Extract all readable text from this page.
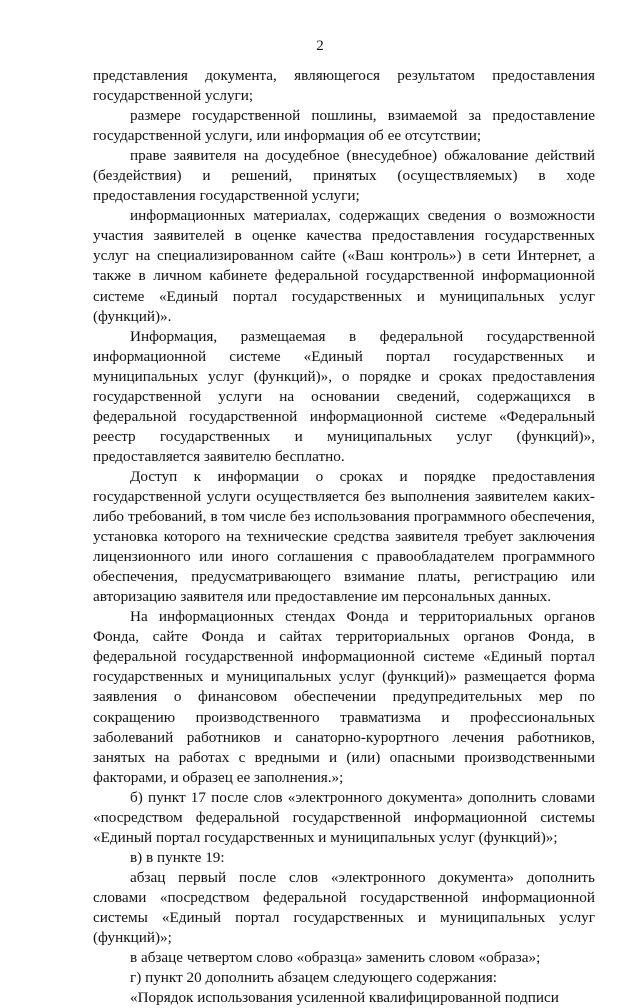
2

представления документа, являющегося результатом предоставления государственной услуги;

размере государственной пошлины, взимаемой за предоставление государственной услуги, или информация об ее отсутствии;

праве заявителя на досудебное (внесудебное) обжалование действий (бездействия) и решений, принятых (осуществляемых) в ходе предоставления государственной услуги;

информационных материалах, содержащих сведения о возможности участия заявителей в оценке качества предоставления государственных услуг на специализированном сайте («Ваш контроль») в сети Интернет, а также в личном кабинете федеральной государственной информационной системе «Единый портал государственных и муниципальных услуг (функций)».

Информация, размещаемая в федеральной государственной информационной системе «Единый портал государственных и муниципальных услуг (функций)», о порядке и сроках предоставления государственной услуги на основании сведений, содержащихся в федеральной государственной информационной системе «Федеральный реестр государственных и муниципальных услуг (функций)», предоставляется заявителю бесплатно.

Доступ к информации о сроках и порядке предоставления государственной услуги осуществляется без выполнения заявителем каких-либо требований, в том числе без использования программного обеспечения, установка которого на технические средства заявителя требует заключения лицензионного или иного соглашения с правообладателем программного обеспечения, предусматривающего взимание платы, регистрацию или авторизацию заявителя или предоставление им персональных данных.

На информационных стендах Фонда и территориальных органов Фонда, сайте Фонда и сайтах территориальных органов Фонда, в федеральной государственной информационной системе «Единый портал государственных и муниципальных услуг (функций)» размещается форма заявления о финансовом обеспечении предупредительных мер по сокращению производственного травматизма и профессиональных заболеваний работников и санаторно-курортного лечения работников, занятых на работах с вредными и (или) опасными производственными факторами, и образец ее заполнения.»;

б) пункт 17 после слов «электронного документа» дополнить словами «посредством федеральной государственной информационной системы «Единый портал государственных и муниципальных услуг (функций)»;

в) в пункте 19:

абзац первый после слов «электронного документа» дополнить словами «посредством федеральной государственной информационной системы «Единый портал государственных и муниципальных услуг (функций)»;

в абзаце четвертом слово «образца» заменить словом «образа»;

г) пункт 20 дополнить абзацем следующего содержания:

«Порядок использования усиленной квалифицированной подписи
